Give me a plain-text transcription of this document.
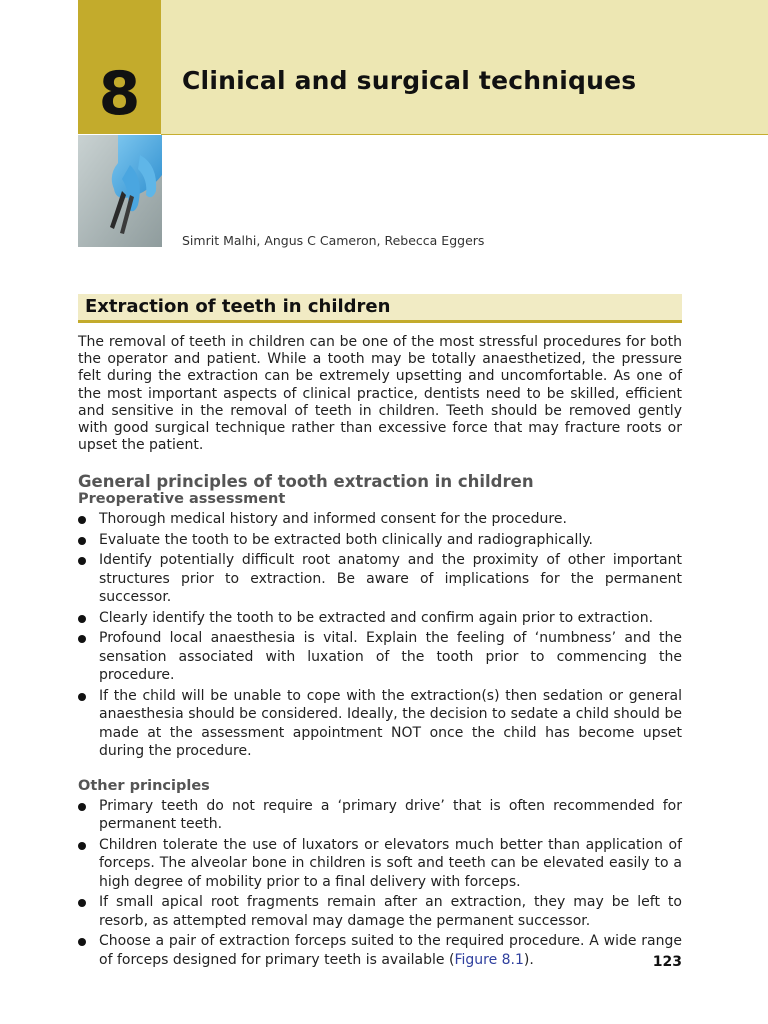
8	Clinical and surgical techniques
Simrit Malhi, Angus C Cameron, Rebecca Eggers
Extraction of teeth in children

The removal of teeth in children can be one of the most stressful procedures for both the operator and patient. While a tooth may be totally anaesthetized, the pressure felt during the extraction can be extremely upsetting and uncomfortable. As one of the most important aspects of clinical practice, dentists need to be skilled, efficient and sensitive in the removal of teeth in children. Teeth should be removed gently with good surgical technique rather than excessive force that may fracture roots or upset the patient.

General principles of tooth extraction in children
Preoperative assessment
Thorough medical history and informed consent for the procedure.
Evaluate the tooth to be extracted both clinically and radiographically.
Identify potentially difficult root anatomy and the proximity of other important structures prior to extraction. Be aware of implications for the permanent successor.
Clearly identify the tooth to be extracted and confirm again prior to extraction.
Profound local anaesthesia is vital. Explain the feeling of ‘numbness’ and the sensation associated with luxation of the tooth prior to commencing the procedure.
If the child will be unable to cope with the extraction(s) then sedation or general anaesthesia should be considered. Ideally, the decision to sedate a child should be made at the assessment appointment NOT once the child has become upset during the procedure.
Other principles
Primary teeth do not require a ‘primary drive’ that is often recommended for permanent teeth.
Children tolerate the use of luxators or elevators much better than application of forceps. The alveolar bone in children is soft and teeth can be elevated easily to a high degree of mobility prior to a final delivery with forceps.
If small apical root fragments remain after an extraction, they may be left to resorb, as attempted removal may damage the permanent successor.
Choose a pair of extraction forceps suited to the required procedure. A wide range of forceps designed for primary teeth is available (Figure 8.1).	123
